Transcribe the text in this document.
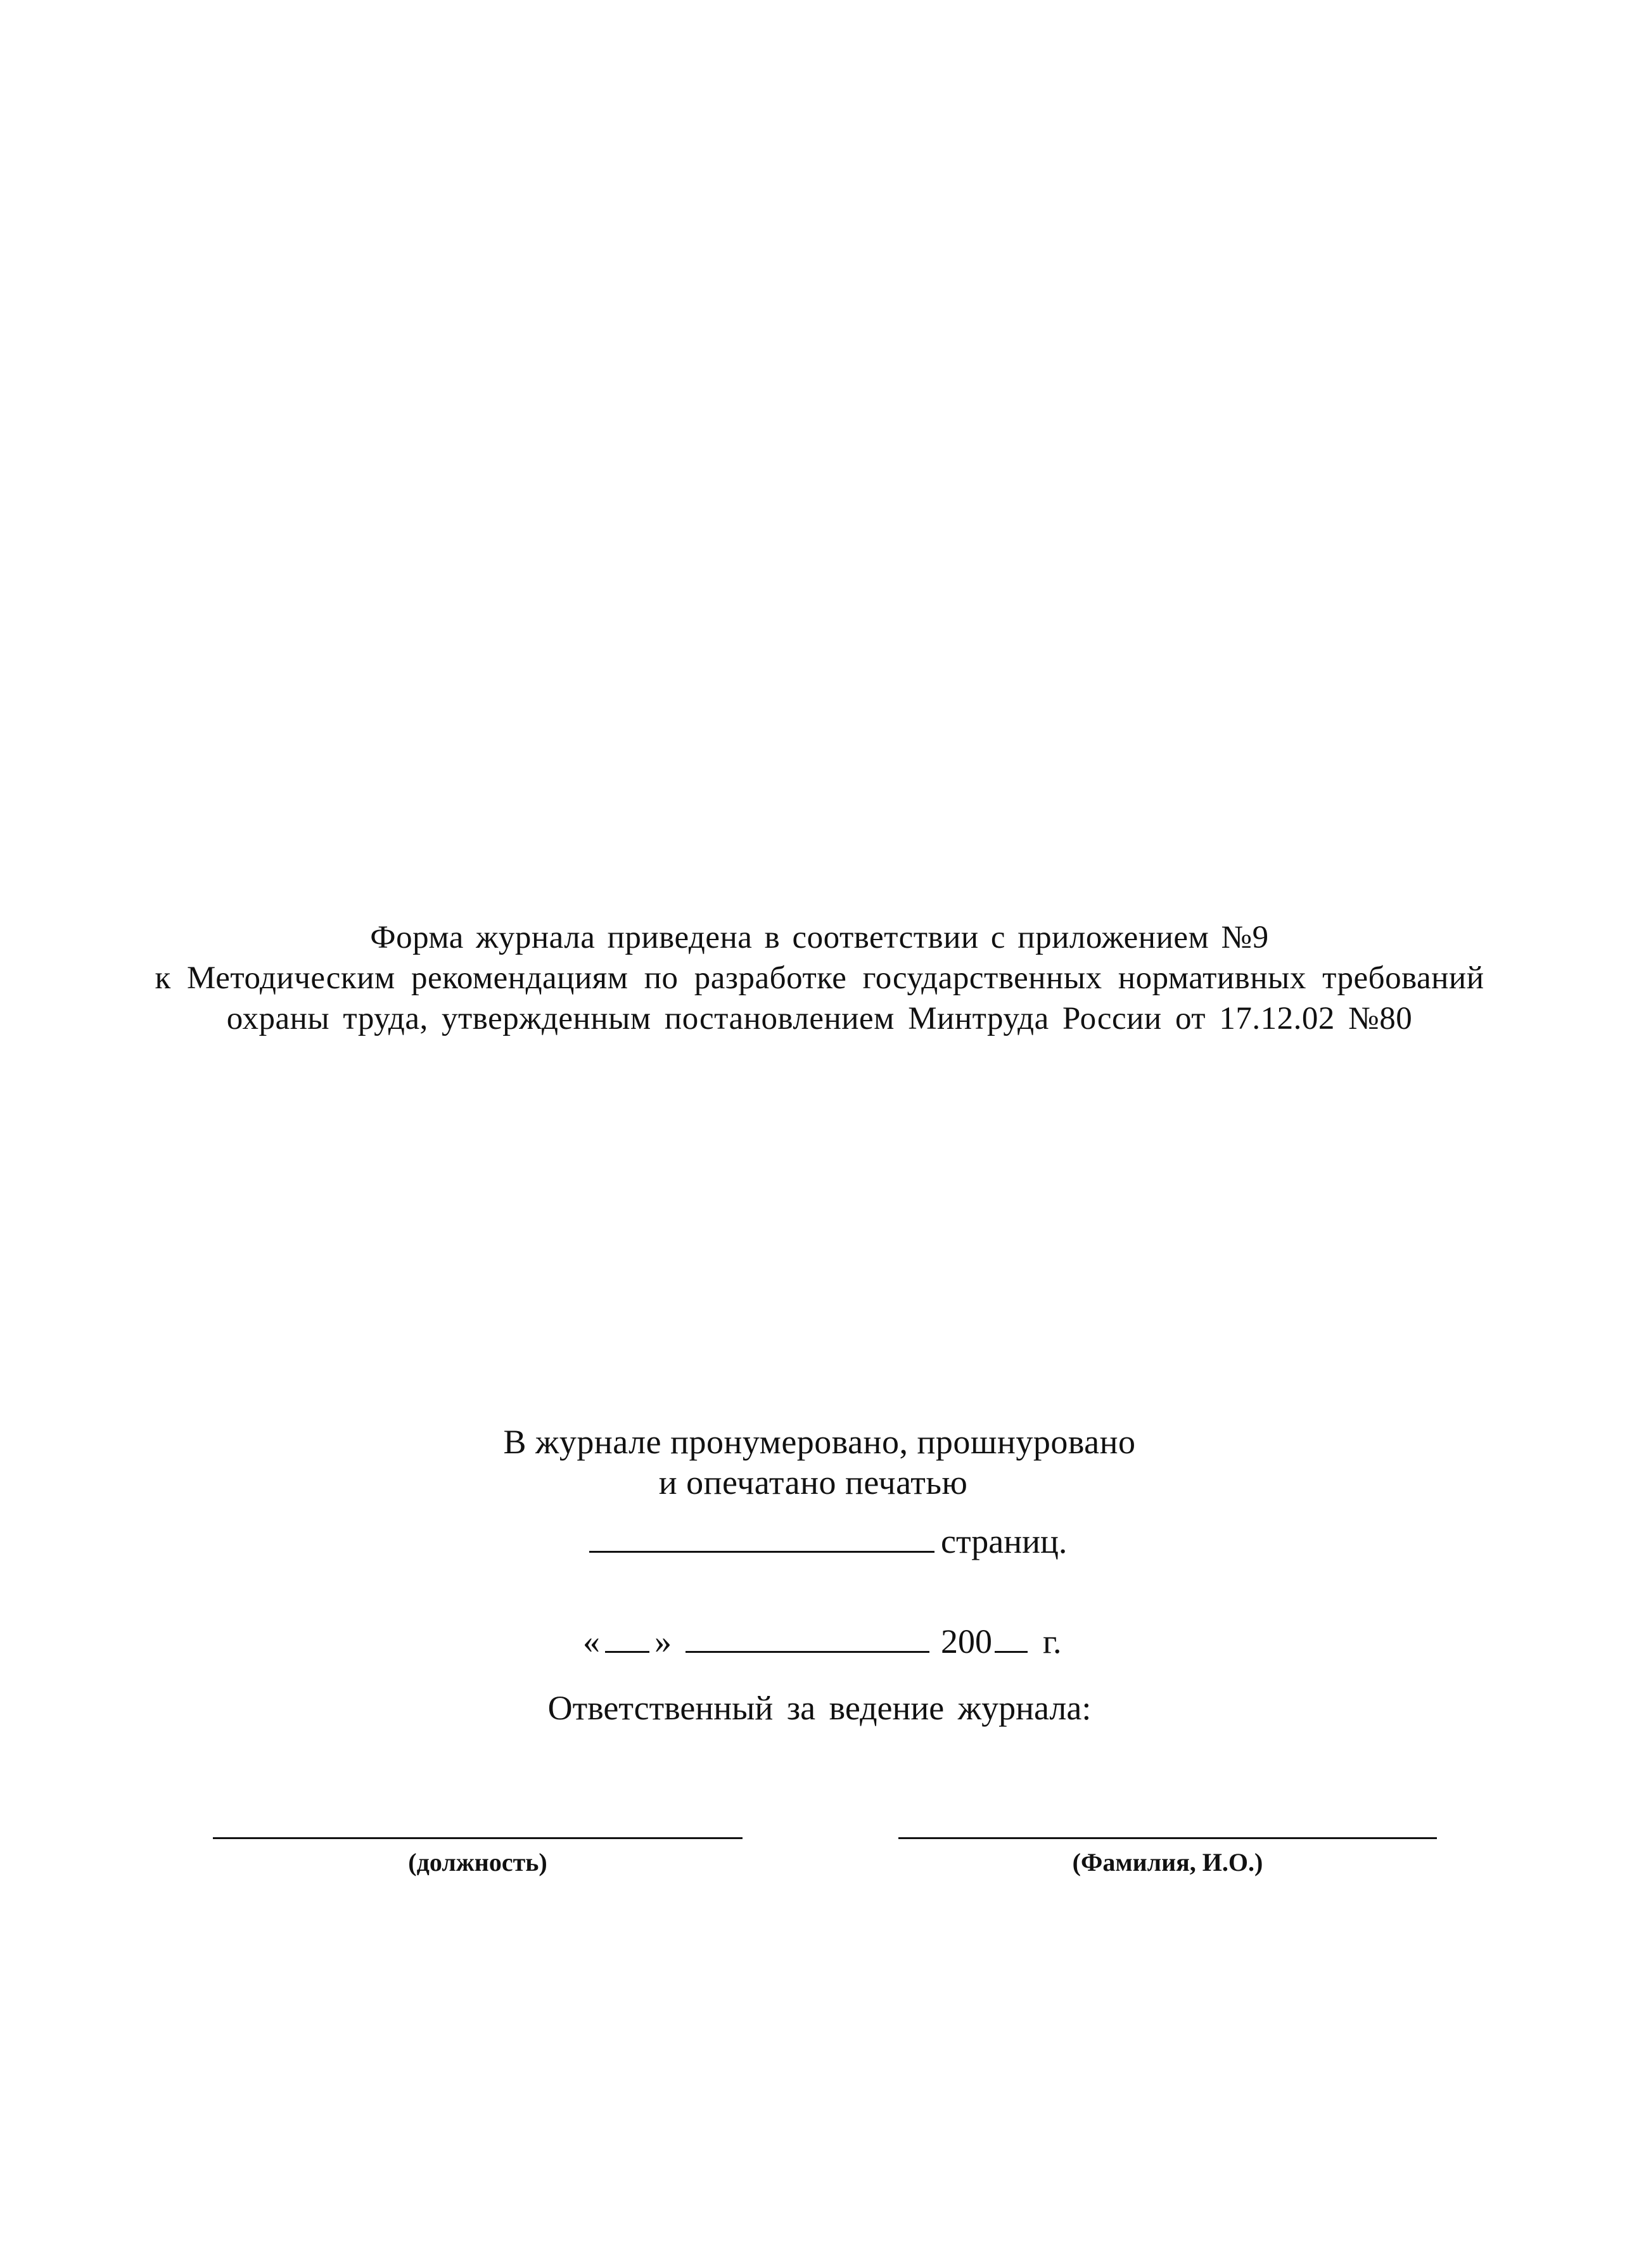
Форма журнала приведена в соответствии с приложением №9
к Методическим рекомендациям по разработке государственных нормативных требований
охраны труда, утвержденным постановлением Минтруда России от 17.12.02 №80
В журнале пронумеровано, прошнуровано
и опечатано печатью
страниц.
« »	200 г.
Ответственный за ведение журнала:
(должность)	(Фамилия, И.О.)
